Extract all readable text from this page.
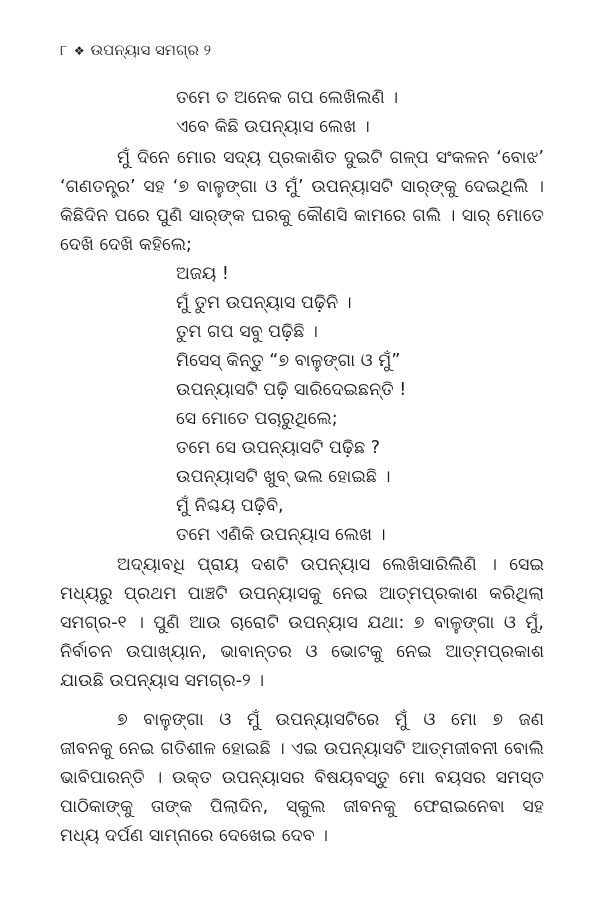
୮ ❖ ଉପନ୍ୟାସ ସମଗ୍ର ୨
ତମେ ତ ଅନେକ ଗପ ଲେଖିଲଣି ।
ଏବେ କିଛି ଉପନ୍ୟାସ ଲେଖ ।
ମୁଁ ଦିନେ ମୋର ସଦ୍ୟ ପ୍ରକାଶିତ ଦୁଇଟି ଗଳ୍ପ ସଂକଳନ ‘ବୋଝ’
‘ଗଣତନ୍ତ୍ର’ ସହ ‘୭ ବାଳୁଙ୍ଗା ଓ ମୁଁ’ ଉପନ୍ୟାସଟି ସାର୍‌ଙ୍କୁ ଦେଇଥିଲି ।
କିଛିଦିନ ପରେ ପୁଣି ସାର୍‌ଙ୍କ ଘରକୁ କୌଣସି କାମରେ ଗଲି । ସାର୍ ମୋତେ
ଦେଖି ଦେଖି କହିଲେ;
ଅଜୟ !
ମୁଁ ତୁମ ଉପନ୍ୟାସ ପଢ଼ିନି ।
ତୁମ ଗପ ସବୁ ପଢ଼ିଛି ।
ମିସେସ୍ କିନ୍ତୁ “୭ ବାଳୁଙ୍ଗା ଓ ମୁଁ”
ଉପନ୍ୟାସଟି ପଢ଼ି ସାରିଦେଇଛନ୍ତି !
ସେ ମୋତେ ପଚାରୁଥିଲେ;
ତମେ ସେ ଉପନ୍ୟାସଟି ପଢ଼ିଛ ?
ଉପନ୍ୟାସଟି ଖୁବ୍ ଭଲ ହୋଇଛି ।
ମୁଁ ନିଶ୍ଚୟ ପଢ଼ିବି,
ତମେ ଏଣିକି ଉପନ୍ୟାସ ଲେଖ ।
ଅଦ୍ୟାବଧି ପ୍ରାୟ ଦଶଟି ଉପନ୍ୟାସ ଲେଖିସାରିଲିଣି । ସେଇ
ମଧ୍ୟରୁ ପ୍ରଥମ ପାଞ୍ଚଟି ଉପନ୍ୟାସକୁ ନେଇ ଆତ୍ମପ୍ରକାଶ କରିଥିଲା
ସମଗ୍ର-୧ । ପୁଣି ଆଉ ଚାରୋଟି ଉପନ୍ୟାସ ଯଥା: ୭ ବାଳୁଙ୍ଗା ଓ ମୁଁ,
ନିର୍ବାଚନ ଉପାଖ୍ୟାନ, ଭାବାନ୍ତର ଓ ଭୋଟକୁ ନେଇ ଆତ୍ମପ୍ରକାଶ
ଯାଉଛି ଉପନ୍ୟାସ ସମଗ୍ର-୨ ।
୭ ବାଳୁଙ୍ଗା ଓ ମୁଁ ଉପନ୍ୟାସଟିରେ ମୁଁ ଓ ମୋ ୭ ଜଣ
ଜୀବନକୁ ନେଇ ଗତିଶୀଳ ହୋଇଛି । ଏଇ ଉପନ୍ୟାସଟି ଆତ୍ମଜୀବନୀ ବୋଲି
ଭାବିପାରନ୍ତି । ଉକ୍ତ ଉପନ୍ୟାସର ବିଷୟବସ୍ତୁ ମୋ ବୟସର ସମସ୍ତ
ପାଠିକାଙ୍କୁ ତାଙ୍କ ପିଲାଦିନ, ସ୍କୁଲ ଜୀବନକୁ ଫେରାଇନେବା ସହ
ମଧ୍ୟ ଦର୍ପଣ ସାମ୍ନାରେ ଦେଖେଇ ଦେବ ।
